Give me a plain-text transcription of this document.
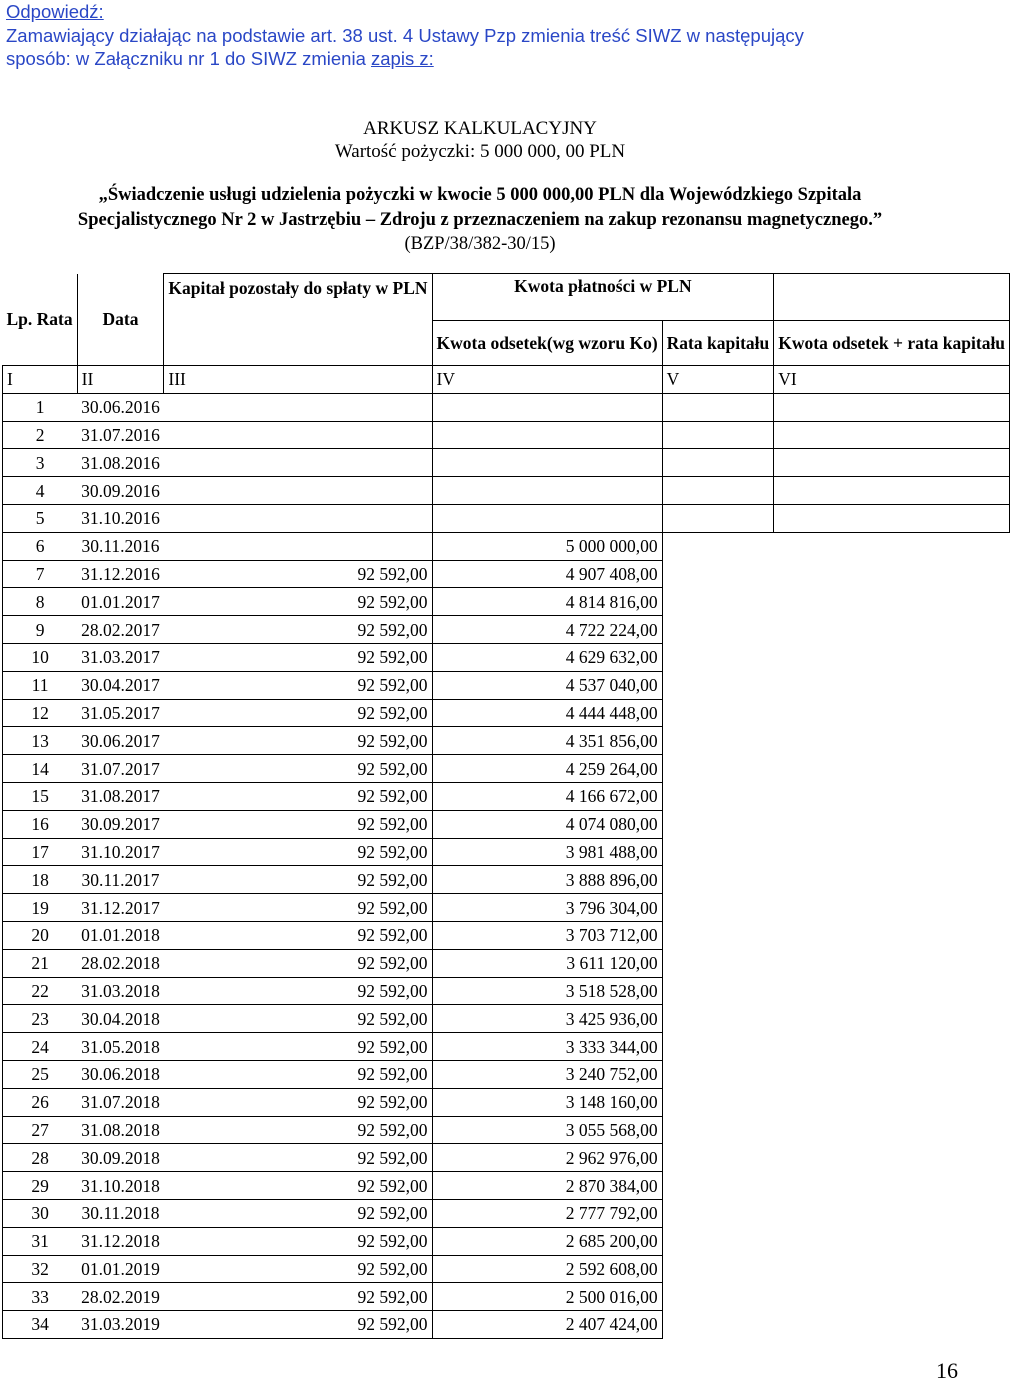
Odpowiedź:
Zamawiający działając na podstawie art. 38 ust. 4 Ustawy Pzp zmienia treść SIWZ w następujący
sposób: w Załączniku nr 1 do SIWZ zmienia zapis z:
ARKUSZ KALKULACYJNY
Wartość pożyczki: 5 000 000, 00 PLN
„Świadczenie usługi udzielenia pożyczki w kwocie 5 000 000,00 PLN dla Wojewódzkiego Szpitala Specjalistycznego Nr 2 w Jastrzębiu – Zdroju z przeznaczeniem na zakup rezonansu magnetycznego.” (BZP/38/382-30/15)
Lp. Rata	Data	Kapitał pozostały do spłaty w PLN	Kwota płatności w PLN		
			Kwota odsetek(wg wzoru Ko)	Rata kapitału	Kwota odsetek + rata kapitału
I	II	III	IV	V	VI
1	30.06.2016				
2	31.07.2016				
3	31.08.2016				
4	30.09.2016				
5	31.10.2016				
6	30.11.2016		5 000 000,00		
7	31.12.2016	92 592,00	4 907 408,00		
8	01.01.2017	92 592,00	4 814 816,00		
9	28.02.2017	92 592,00	4 722 224,00		
10	31.03.2017	92 592,00	4 629 632,00		
11	30.04.2017	92 592,00	4 537 040,00		
12	31.05.2017	92 592,00	4 444 448,00		
13	30.06.2017	92 592,00	4 351 856,00		
14	31.07.2017	92 592,00	4 259 264,00		
15	31.08.2017	92 592,00	4 166 672,00		
16	30.09.2017	92 592,00	4 074 080,00		
17	31.10.2017	92 592,00	3 981 488,00		
18	30.11.2017	92 592,00	3 888 896,00		
19	31.12.2017	92 592,00	3 796 304,00		
20	01.01.2018	92 592,00	3 703 712,00		
21	28.02.2018	92 592,00	3 611 120,00		
22	31.03.2018	92 592,00	3 518 528,00		
23	30.04.2018	92 592,00	3 425 936,00		
24	31.05.2018	92 592,00	3 333 344,00		
25	30.06.2018	92 592,00	3 240 752,00		
26	31.07.2018	92 592,00	3 148 160,00		
27	31.08.2018	92 592,00	3 055 568,00		
28	30.09.2018	92 592,00	2 962 976,00		
29	31.10.2018	92 592,00	2 870 384,00		
30	30.11.2018	92 592,00	2 777 792,00		
31	31.12.2018	92 592,00	2 685 200,00		
32	01.01.2019	92 592,00	2 592 608,00		
33	28.02.2019	92 592,00	2 500 016,00		
34	31.03.2019	92 592,00	2 407 424,00		
16
